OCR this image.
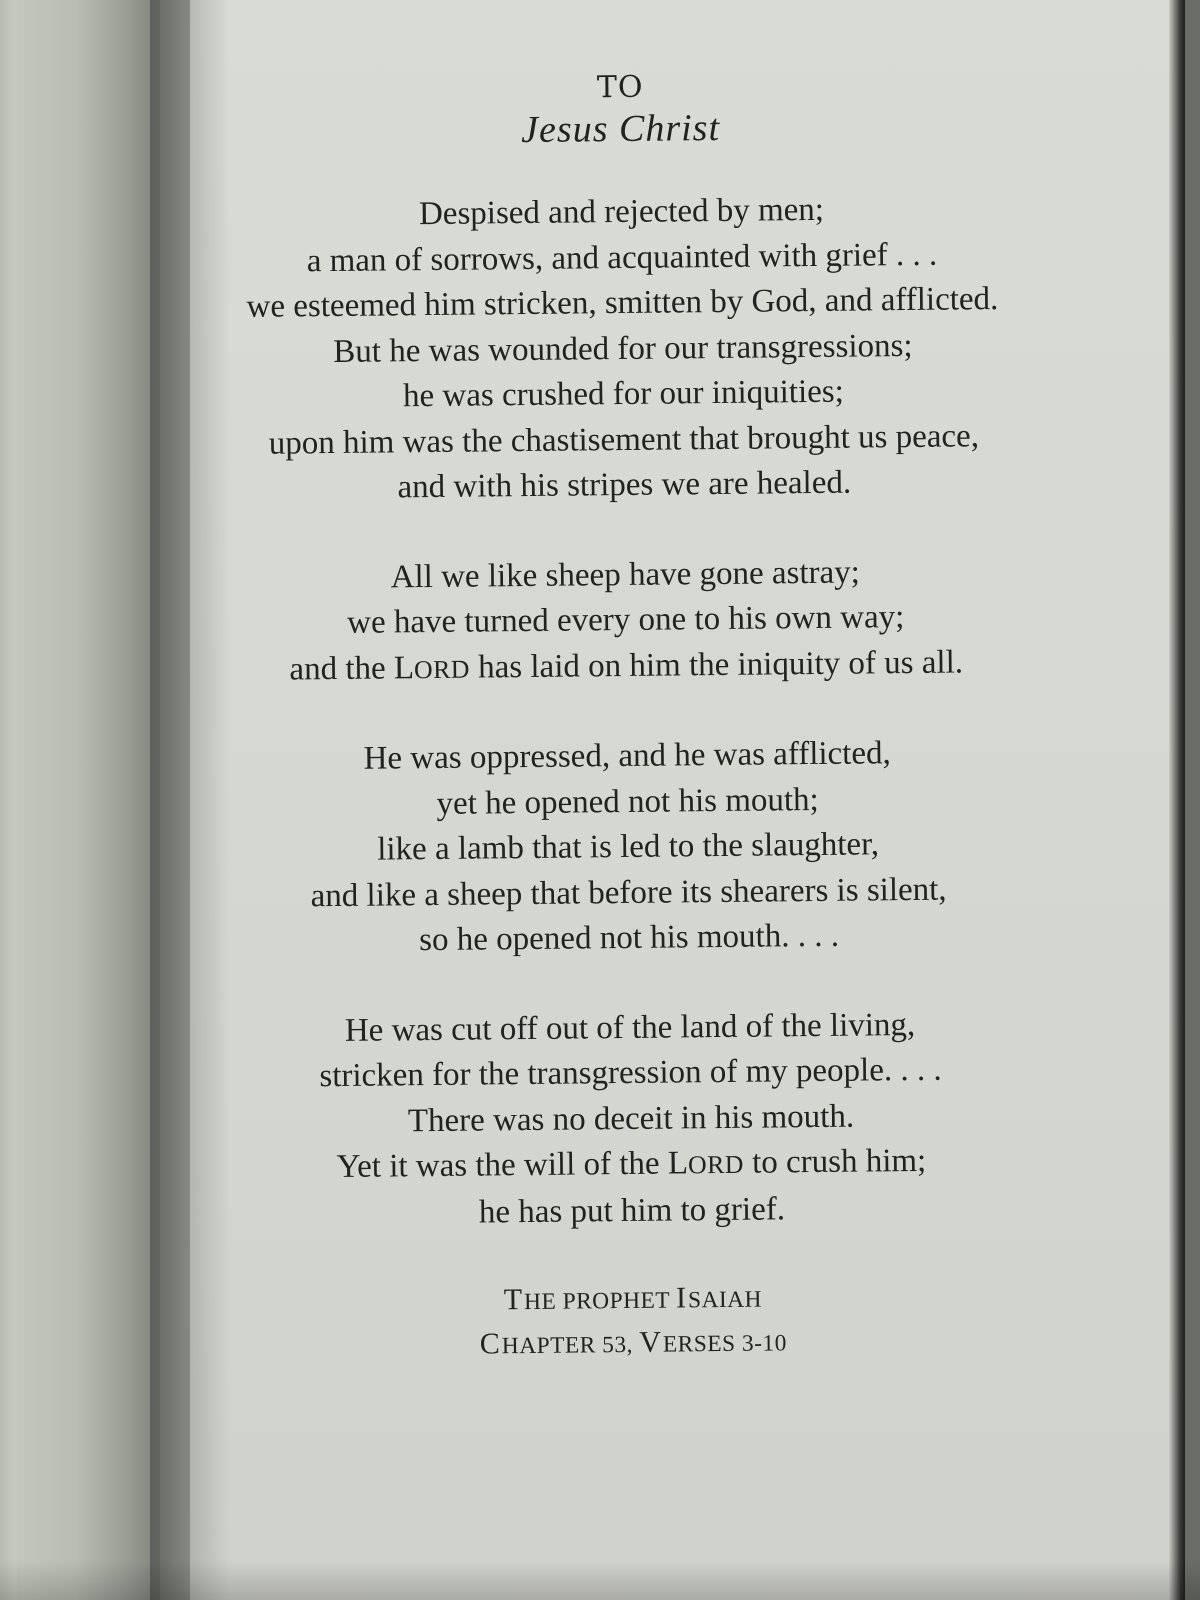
TO

Jesus Christ

Despised and rejected by men;
a man of sorrows, and acquainted with grief . . .
we esteemed him stricken, smitten by God, and afflicted.
But he was wounded for our transgressions;
he was crushed for our iniquities;
upon him was the chastisement that brought us peace,
and with his stripes we are healed.
All we like sheep have gone astray;
we have turned every one to his own way;
and the LORD has laid on him the iniquity of us all.
He was oppressed, and he was afflicted,
yet he opened not his mouth;
like a lamb that is led to the slaughter,
and like a sheep that before its shearers is silent,
so he opened not his mouth. . . .
He was cut off out of the land of the living,
stricken for the transgression of my people. . . .
There was no deceit in his mouth.
Yet it was the will of the LORD to crush him;
he has put him to grief.
THE PROPHET ISAIAH
CHAPTER 53, VERSES 3-10
